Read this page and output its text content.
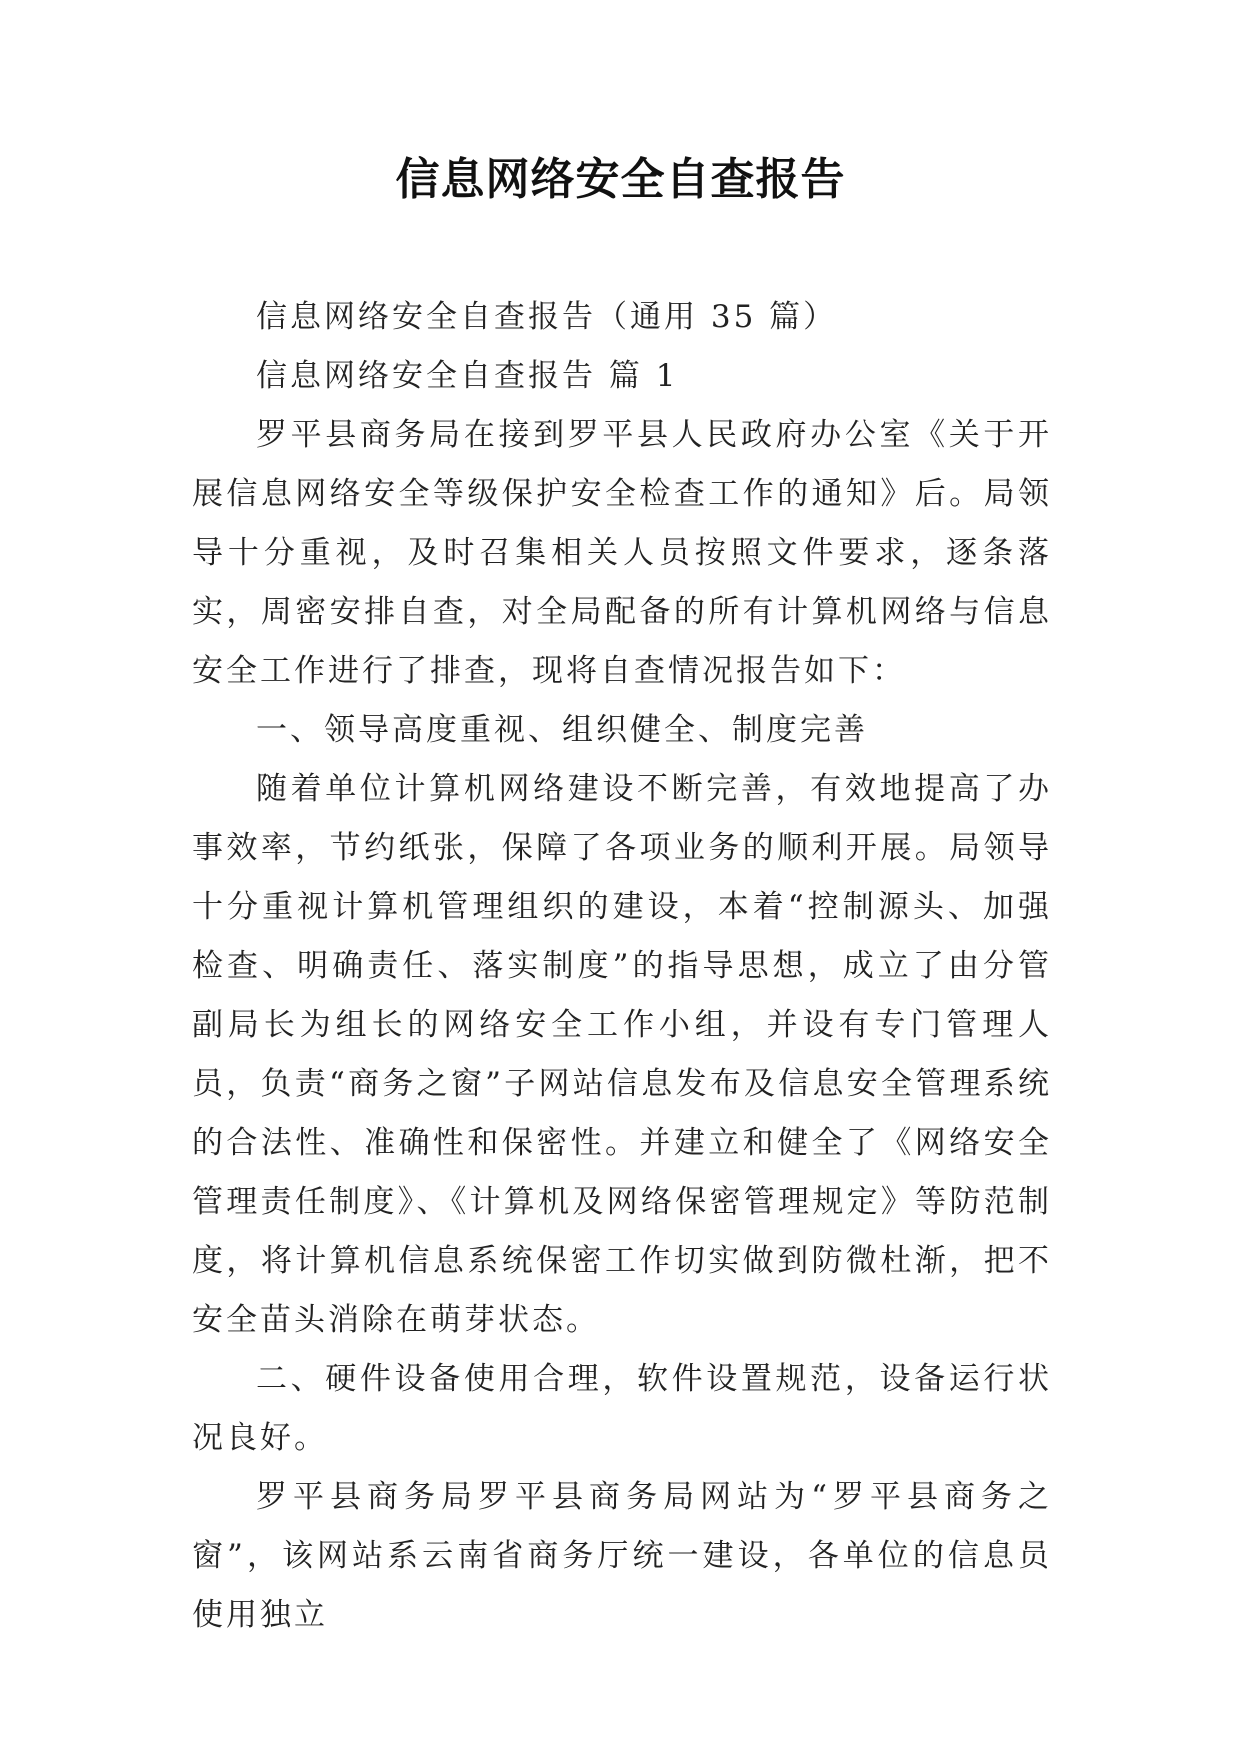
信息网络安全自查报告

信息网络安全自查报告（通用 35 篇）

信息网络安全自查报告 篇 1

罗平县商务局在接到罗平县人民政府办公室《关于开展信息网络安全等级保护安全检查工作的通知》后。局领导十分重视，及时召集相关人员按照文件要求，逐条落实，周密安排自查，对全局配备的所有计算机网络与信息安全工作进行了排查，现将自查情况报告如下：

一、领导高度重视、组织健全、制度完善

随着单位计算机网络建设不断完善，有效地提高了办事效率，节约纸张，保障了各项业务的顺利开展。局领导十分重视计算机管理组织的建设，本着“控制源头、加强检查、明确责任、落实制度”的指导思想，成立了由分管副局长为组长的网络安全工作小组，并设有专门管理人员，负责“商务之窗”子网站信息发布及信息安全管理系统的合法性、准确性和保密性。并建立和健全了《网络安全管理责任制度》、《计算机及网络保密管理规定》等防范制度，将计算机信息系统保密工作切实做到防微杜渐，把不安全苗头消除在萌芽状态。

二、硬件设备使用合理，软件设置规范，设备运行状况良好。

罗平县商务局罗平县商务局网站为“罗平县商务之窗”，该网站系云南省商务厅统一建设，各单位的信息员使用独立
